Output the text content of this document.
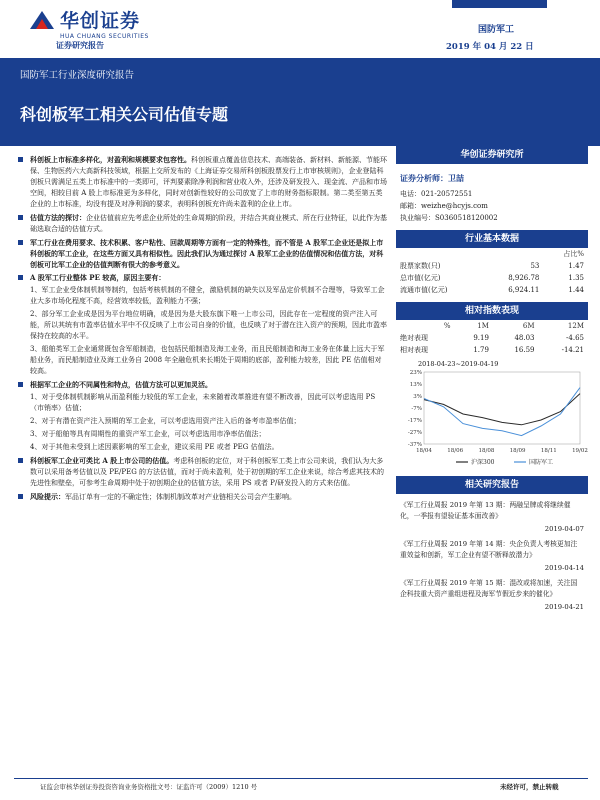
华创证券
HUA CHUANG SECURITIES
证券研究报告
国防军工
2019 年 04 月 22 日
国防军工行业深度研究报告
科创板军工相关公司估值专题
科创板上市标准多样化，对盈利和规模要求包容性。科创板重点覆盖信息技术、高端装备、新材料、新能源、节能环保、生物医药六大高新科技领域，根据上交所发布的《上海证券交易所科创板股票发行上市审核规则》，企业登陆科创板只需满足五类上市标准中的一类即可，评判要素除净利润和营业收入外，还涉及研发投入、现金流、产品和市场空间，相较目前 A 股上市标准更为多样化，同时对创新性较好的公司放宽了上市的财务指标限制。第二类至第五类企业的上市标准，均没有提及对净利润的要求，表明科创板充许尚未盈利的企业上市。
估值方法的探讨：企业估值前应先考虑企业所处的生命周期的阶段，并结合其商业模式、所在行业特征，以此作为基础选取合适的估值方式。
军工行业在费用要求、技术积累、客户粘性、回款周期等方面有一定的特殊性，而不管是 A 股军工企业还是拟上市科创板的军工企业，在这些方面又具有相似性。因此我们认为通过探讨 A 股军工企业的估值情况和估值方法，对科创板可比军工企业的估值判断有很大的参考意义。
A 股军工行业整体 PE 较高，原因主要有：
1、军工企业受体制机制等制约，包括考核机制的不健全，激励机制的缺失以及军品定价机制不合理等，导致军工企业大多市场化程度不高，经营效率较低，盈利能力不强；
2、部分军工企业成是因为平台地位明确，或是因为是大股东旗下唯一上市公司，因此存在一定程度的资产注入可能，所以其统有市盈率估值水平中不仅反映了上市公司自身的价值，也反映了对于潜在注入资产的预期，因此市盈率保持在较高的水平。
3、船舶类军工企业通常既包含军船制造，也包括民船制造及海工业务，而且民船制造和海工业务在体量上远大于军船业务，而民船制造业及海工业务自 2008 年全融危机来长期处于周期的底部，盈利能力较差，因此 PE 估值相对较高。
根据军工企业的不同属性和特点，估值方法可以更加灵活。
1、对于受体制机制影响从而盈利能力较低的军工企业，未来随着改革推进有望不断改善，因此可以考虑选用 PS（市销率）估值；
2、对于有潜在资产注入预期的军工企业，可以考虑选用资产注入后的备考市盈率估值；
3、对于船舶等具有周期性的重资产军工企业，可以考虑选用市净率估值法；
4、对于其他未受到上述因素影响的军工企业，建议采用 PE 或者 PEG 估值法。
科创板军工企业可类比 A 股上市公司的估值。考虑科创板的定位，对于科创板军工类上市公司来说，我们认为大多数可以采用备考估值以及 PE/PEG 的方法估值，而对于尚未盈利，处于初创期的军工企业来说，综合考虑其技术的先进性和壁垒，可参考生命周期中处于初创期企业的估值方法，采用 PS 或者 P/研发投入的方式来估值。
风险提示：军品订单有一定的不确定性；体制机制改革对产业链相关公司会产生影响。
华创证券研究所
证券分析师：卫喆
电话：021-20572551
邮箱：weizhe@hcyjs.com
执业编号：S0360518120002
行业基本数据
		占比%
股票家数(只)	53	1.47
总市值(亿元)	8,926.78	1.35
流通市值(亿元)	6,924.11	1.44
相对指数表现
%	1M	6M	12M
绝对表现	9.19	48.03	-4.65
相对表现	1.79	16.59	-14.21
2018-04-23~2019-04-19
23%
13%
3%
-7%
-17%
-27%
-37%
18/04	18/06	18/08	18/09	18/11	19/02
沪深300	国防军工
相关研究报告
《军工行业周报 2019 年第 13 期：两融呈牌或将继续催化，一季报有望验证基本面改善》
2019-04-07
《军工行业周报 2019 年第 14 期：央企负责人考核更加注重效益和创新，军工企业有望不断释放潜力》
2019-04-14
《军工行业周报 2019 年第 15 期：混改或将加速，关注国企科技重大资产重组进程及海军节假近步来的催化》
2019-04-21
证监会审核华创证券投资咨询业务资格批文号：证监许可（2009）1210 号	未经许可，禁止转载
